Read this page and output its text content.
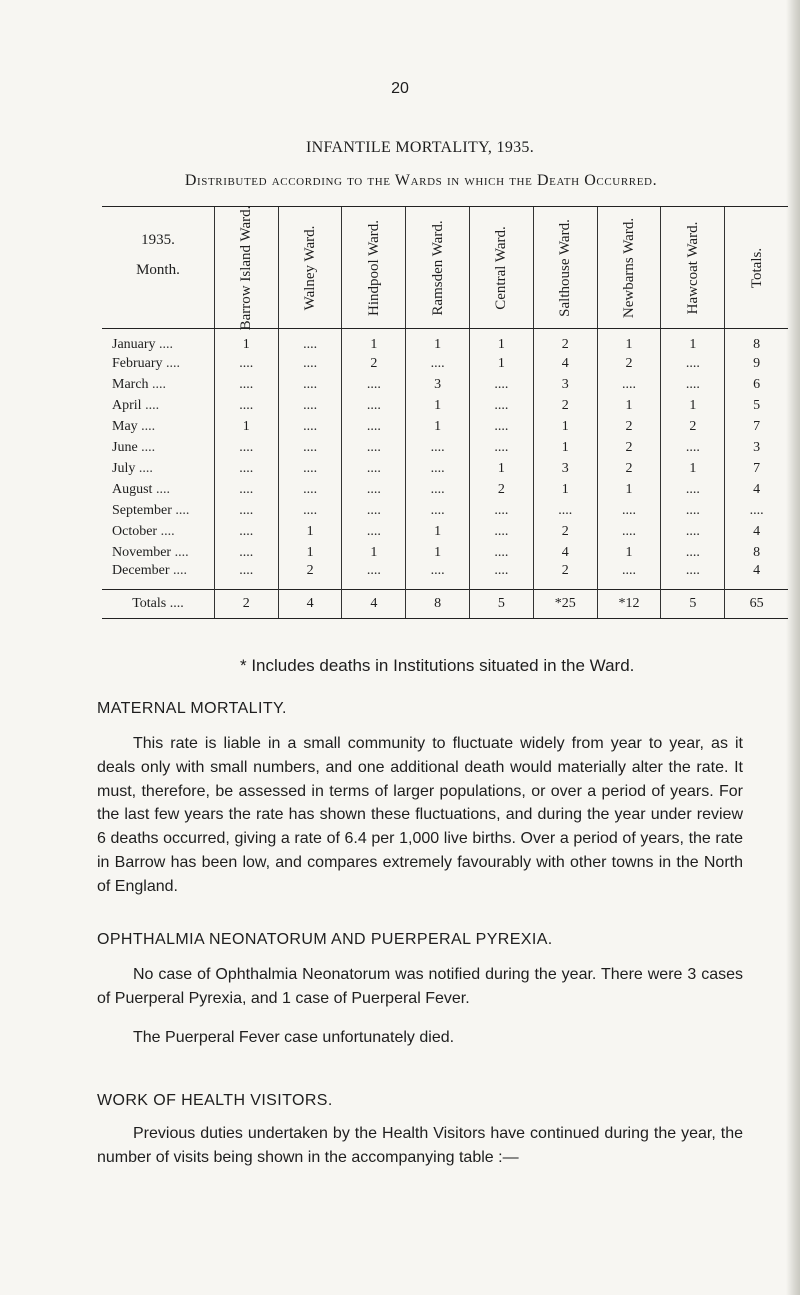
20
INFANTILE MORTALITY, 1935.
Distributed according to the Wards in which the Death Occurred.
1935.
Month.	Barrow Island Ward.	Walney Ward.	Hindpool Ward.	Ramsden Ward.	Central Ward.	Salthouse Ward.	Newbarns Ward.	Hawcoat Ward.	Totals.

January ....	1	....	1	1	1	2	1	1	8
February ....	....	....	2	....	1	4	2	....	9
March ....	....	....	....	3	....	3	....	....	6
April ....	....	....	....	1	....	2	1	1	5
May ....	1	....	....	1	....	1	2	2	7
June ....	....	....	....	....	....	1	2	....	3
July ....	....	....	....	....	1	3	2	1	7
August ....	....	....	....	....	2	1	1	....	4
September ....	....	....	....	....	....	....	....	....	....
October ....	....	1	....	1	....	2	....	....	4
November ....	....	1	1	1	....	4	1	....	8
December ....	....	2	....	....	....	2	....	....	4
Totals ....	2	4	4	8	5	*25	*12	5	65
* Includes deaths in Institutions situated in the Ward.
MATERNAL MORTALITY.

This rate is liable in a small community to fluctuate widely from year to year, as it deals only with small numbers, and one additional death would materially alter the rate. It must, therefore, be assessed in terms of larger populations, or over a period of years. For the last few years the rate has shown these fluctuations, and during the year under review 6 deaths occurred, giving a rate of 6.4 per 1,000 live births. Over a period of years, the rate in Barrow has been low, and compares extremely favourably with other towns in the North of England.

OPHTHALMIA NEONATORUM AND PUERPERAL PYREXIA.

No case of Ophthalmia Neonatorum was notified during the year. There were 3 cases of Puerperal Pyrexia, and 1 case of Puerperal Fever.

The Puerperal Fever case unfortunately died.

WORK OF HEALTH VISITORS.

Previous duties undertaken by the Health Visitors have continued during the year, the number of visits being shown in the accompanying table :—
